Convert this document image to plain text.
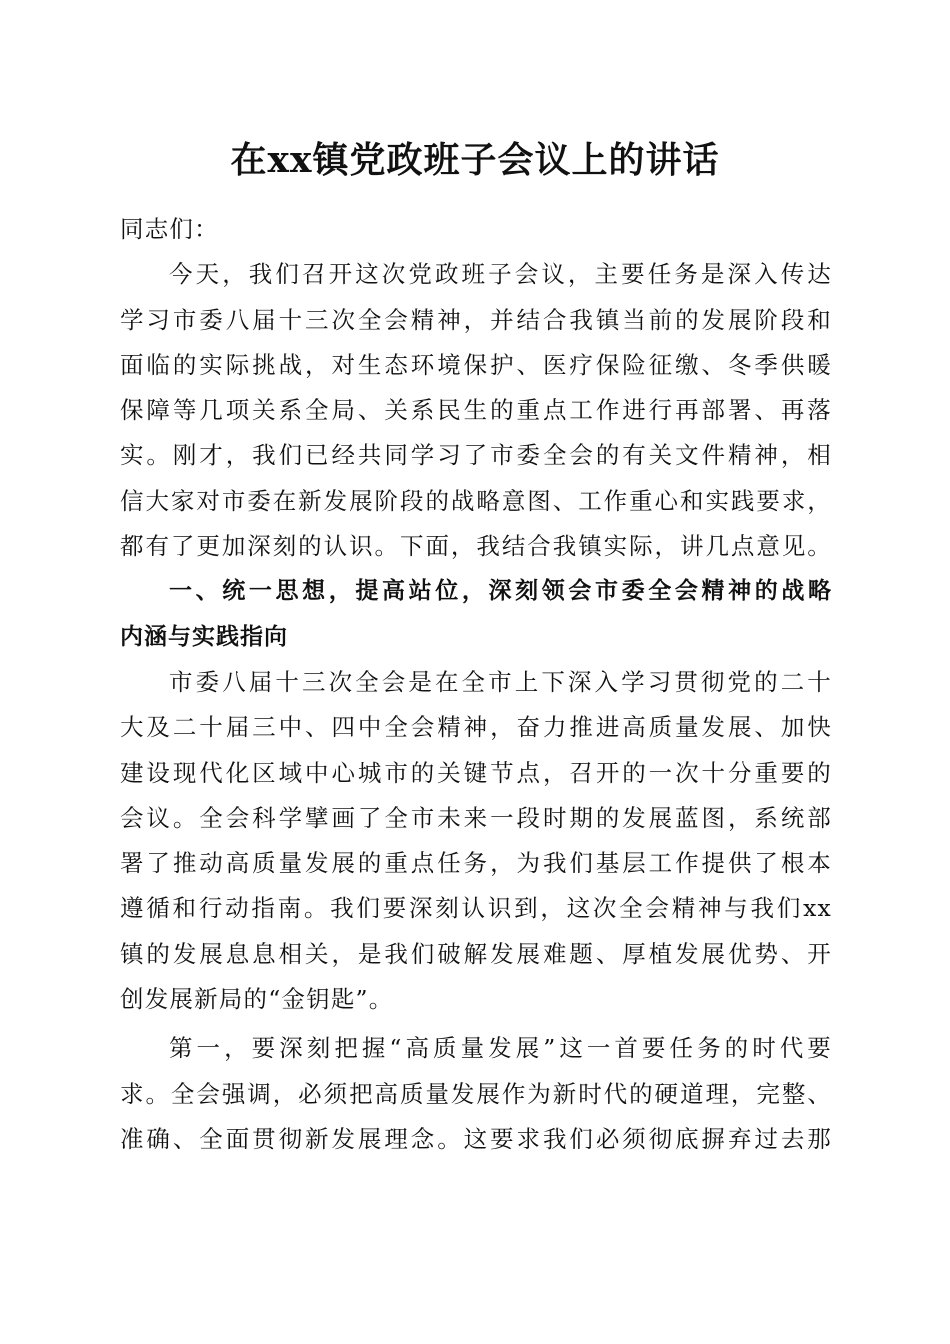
在xx镇党政班子会议上的讲话
同志们：
今天，我们召开这次党政班子会议，主要任务是深入传达
学习市委八届十三次全会精神，并结合我镇当前的发展阶段和
面临的实际挑战，对生态环境保护、医疗保险征缴、冬季供暖
保障等几项关系全局、关系民生的重点工作进行再部署、再落
实。刚才，我们已经共同学习了市委全会的有关文件精神，相
信大家对市委在新发展阶段的战略意图、工作重心和实践要求，
都有了更加深刻的认识。下面，我结合我镇实际，讲几点意见。
一、统一思想，提高站位，深刻领会市委全会精神的战略
内涵与实践指向
市委八届十三次全会是在全市上下深入学习贯彻党的二十
大及二十届三中、四中全会精神，奋力推进高质量发展、加快
建设现代化区域中心城市的关键节点，召开的一次十分重要的
会议。全会科学擘画了全市未来一段时期的发展蓝图，系统部
署了推动高质量发展的重点任务，为我们基层工作提供了根本
遵循和行动指南。我们要深刻认识到，这次全会精神与我们xx
镇的发展息息相关，是我们破解发展难题、厚植发展优势、开
创发展新局的“金钥匙”。
第一，要深刻把握“高质量发展”这一首要任务的时代要
求。全会强调，必须把高质量发展作为新时代的硬道理，完整、
准确、全面贯彻新发展理念。这要求我们必须彻底摒弃过去那
